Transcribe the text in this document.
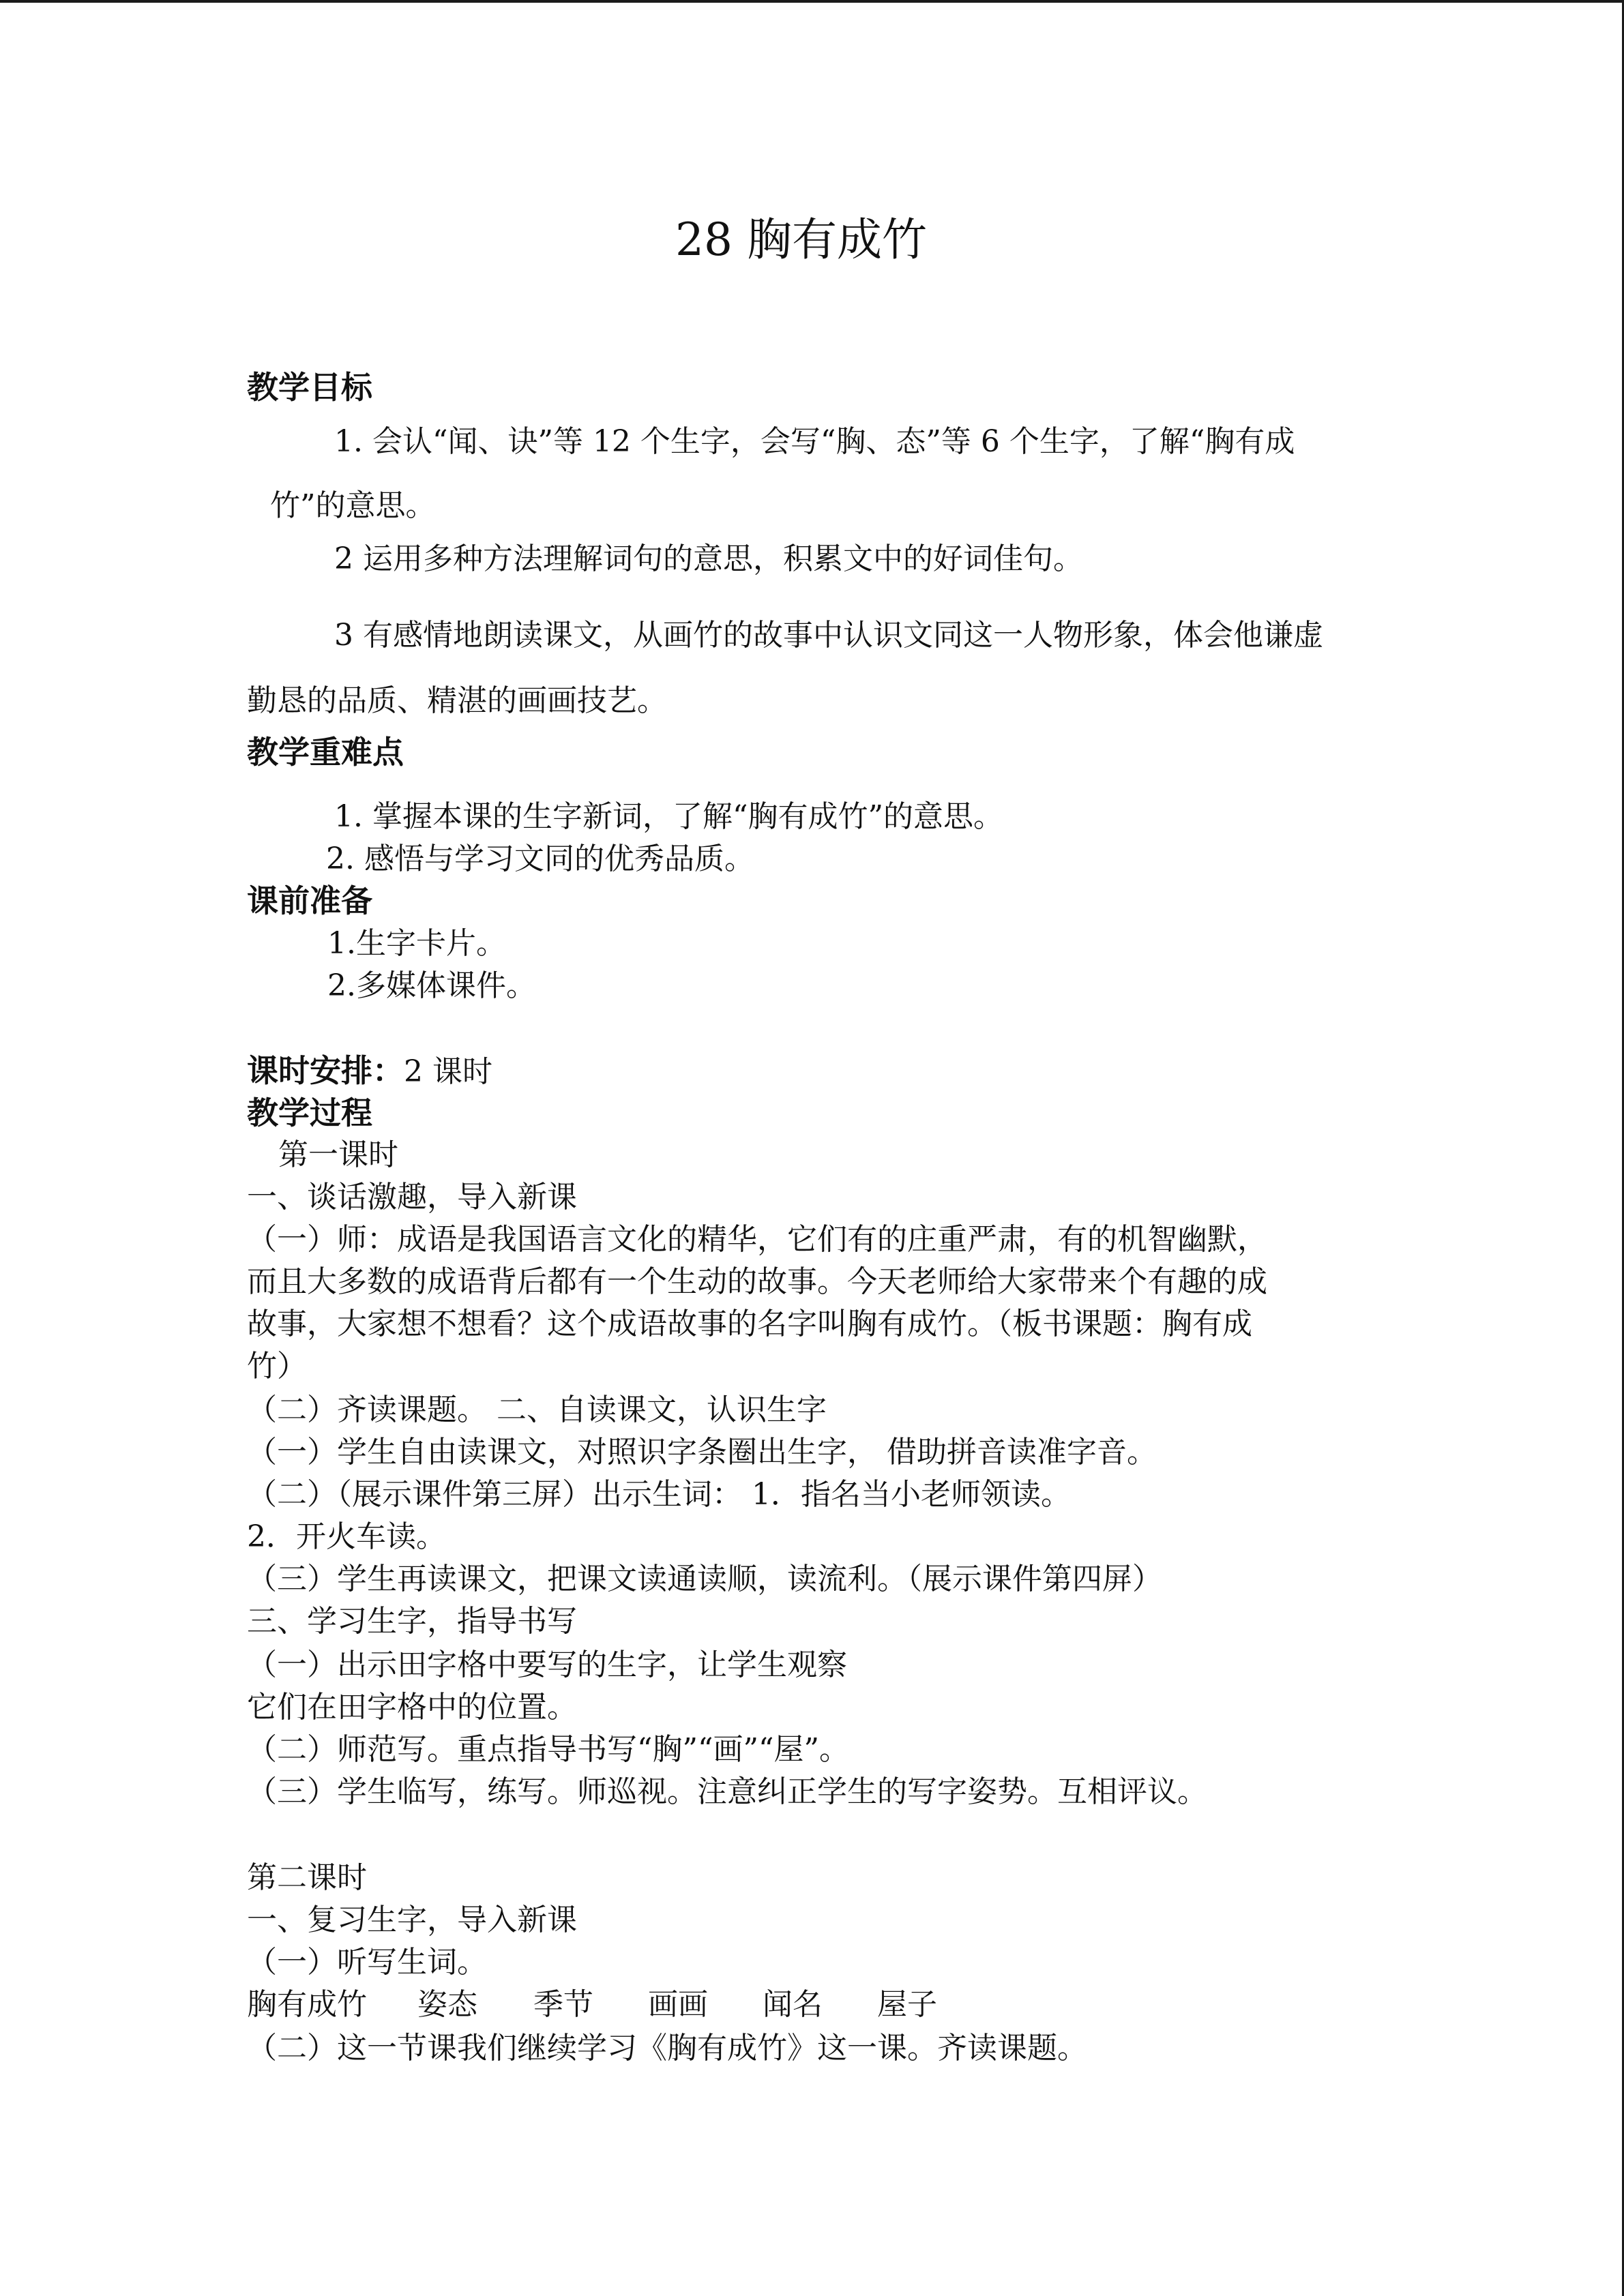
28 胸有成竹
教学目标
1. 会认“闻、诀”等 12 个生字，会写“胸、态”等 6 个生字，了解“胸有成
竹”的意思。
2 运用多种方法理解词句的意思，积累文中的好词佳句。
3 有感情地朗读课文，从画竹的故事中认识文同这一人物形象，体会他谦虚
勤恳的品质、精湛的画画技艺。
教学重难点
1. 掌握本课的生字新词，了解“胸有成竹”的意思。
2. 感悟与学习文同的优秀品质。
课前准备
1.生字卡片。
2.多媒体课件。
课时安排：2 课时
教学过程
第一课时
一、谈话激趣，导入新课
（一）师：成语是我国语言文化的精华，它们有的庄重严肃，有的机智幽默，
而且大多数的成语背后都有一个生动的故事。今天老师给大家带来个有趣的成
故事，大家想不想看？这个成语故事的名字叫胸有成竹。（板书课题：胸有成
竹）
（二）齐读课题。 二、自读课文，认识生字
（一）学生自由读课文，对照识字条圈出生字， 借助拼音读准字音。
（二）（展示课件第三屏）出示生词： 1．指名当小老师领读。
2．开火车读。
（三）学生再读课文，把课文读通读顺，读流利。（展示课件第四屏）
三、学习生字，指导书写
（一）出示田字格中要写的生字，让学生观察
它们在田字格中的位置。
（二）师范写。重点指导书写“胸”“画”“屋”。
（三）学生临写，练写。师巡视。注意纠正学生的写字姿势。互相评议。
第二课时
一、复习生字，导入新课
（一）听写生词。
胸有成竹 姿态 季节 画画 闻名 屋子
（二）这一节课我们继续学习《胸有成竹》这一课。齐读课题。
